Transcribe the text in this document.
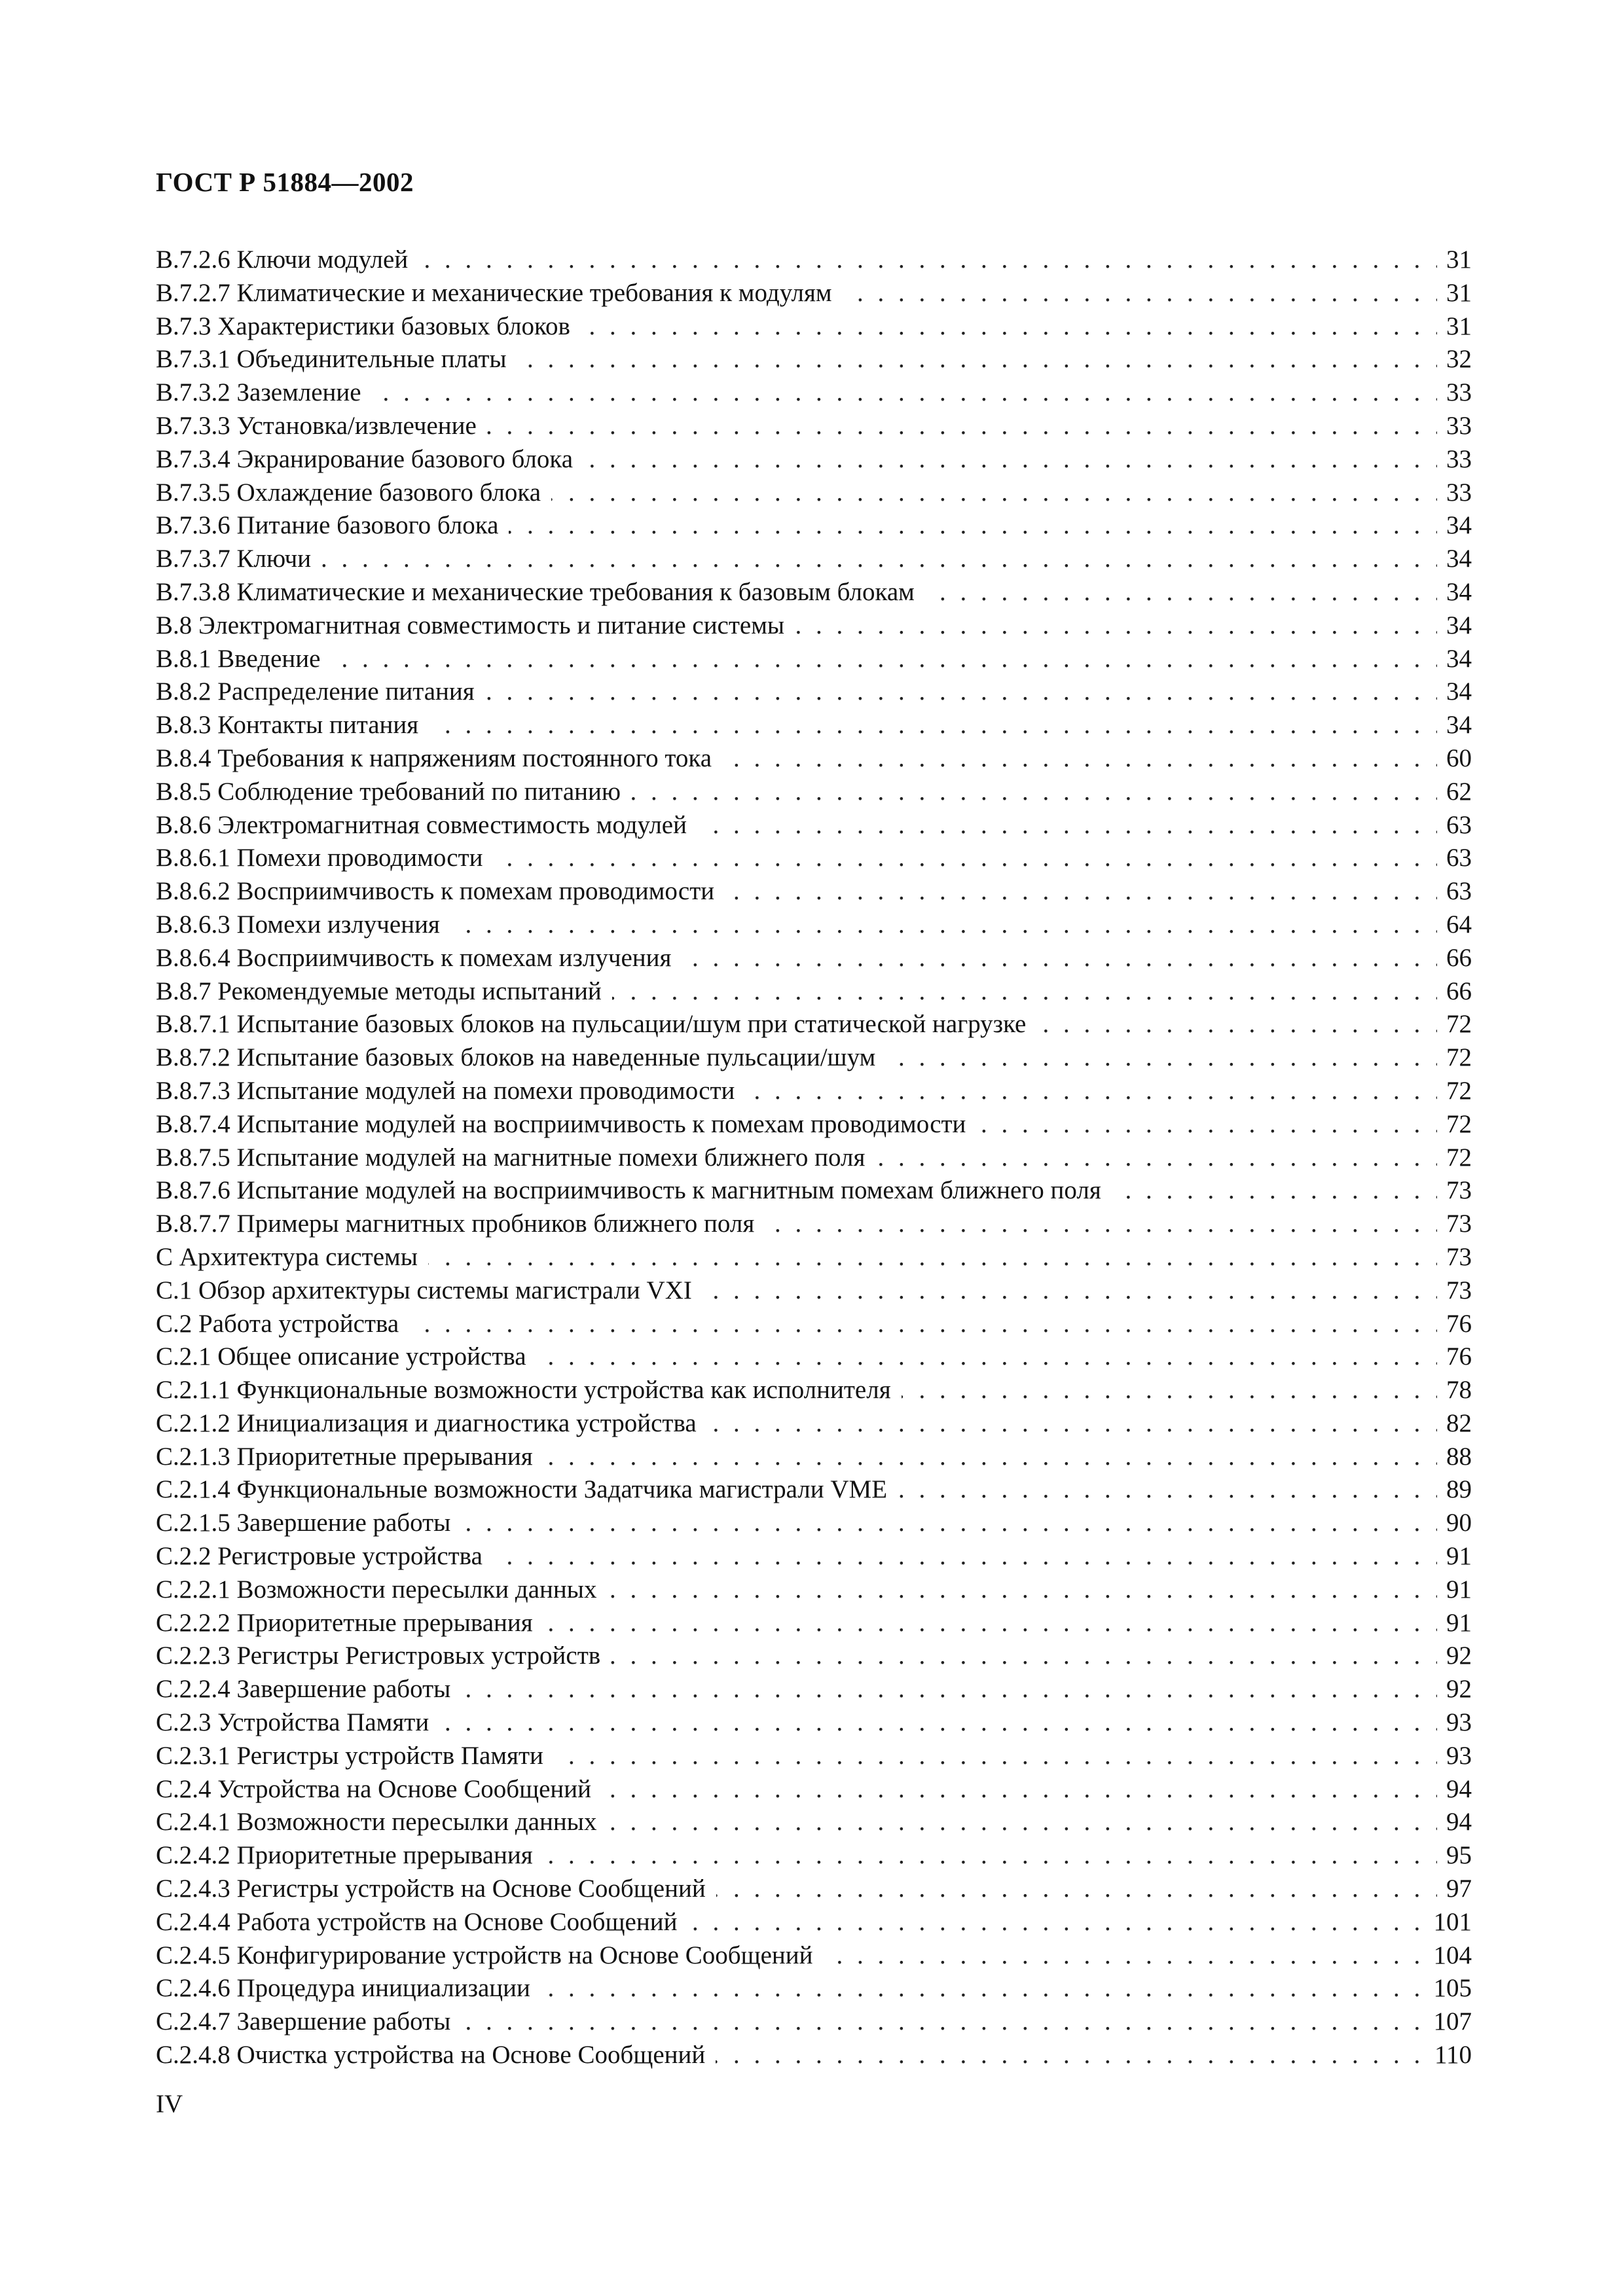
ГОСТ Р 51884—2002
B.7.2.6 Ключи модулей	31
. .
B.7.2.7 Климатические и механические требования к модулям	31
. .
B.7.3 Характеристики базовых блоков	31
. .
B.7.3.1 Объединительные платы	32
. .
B.7.3.2 Заземление	33
. .
B.7.3.3 Установка/извлечение	33
. .
B.7.3.4 Экранирование базового блока	33
. .
B.7.3.5 Охлаждение базового блока	33
. .
B.7.3.6 Питание базового блока	34
. .
B.7.3.7 Ключи	34
. .
B.7.3.8 Климатические и механические требования к базовым блокам	34
. .
B.8 Электромагнитная совместимость и питание системы	34
. .
B.8.1 Введение	34
. .
B.8.2 Распределение питания	34
. .
B.8.3 Контакты питания	34
. .
B.8.4 Требования к напряжениям постоянного тока	60
. .
B.8.5 Соблюдение требований по питанию	62
. .
B.8.6 Электромагнитная совместимость модулей	63
. .
B.8.6.1 Помехи проводимости	63
. .
B.8.6.2 Восприимчивость к помехам проводимости	63
. .
B.8.6.3 Помехи излучения	64
. .
B.8.6.4 Восприимчивость к помехам излучения	66
. .
B.8.7 Рекомендуемые методы испытаний	66
. .
B.8.7.1 Испытание базовых блоков на пульсации/шум при статической нагрузке	72
. .
B.8.7.2 Испытание базовых блоков на наведенные пульсации/шум	72
. .
B.8.7.3 Испытание модулей на помехи проводимости	72
. .
B.8.7.4 Испытание модулей на восприимчивость к помехам проводимости	72
. .
B.8.7.5 Испытание модулей на магнитные помехи ближнего поля	72
. .
B.8.7.6 Испытание модулей на восприимчивость к магнитным помехам ближнего поля	73
. .
B.8.7.7 Примеры магнитных пробников ближнего поля	73
. .
С Архитектура системы	73
. .
С.1 Обзор архитектуры системы магистрали VXI	73
. .
С.2 Работа устройства	76
. .
С.2.1 Общее описание устройства	76
. .
С.2.1.1 Функциональные возможности устройства как исполнителя	78
. .
С.2.1.2 Инициализация и диагностика устройства	82
. .
С.2.1.3 Приоритетные прерывания	88
. .
С.2.1.4 Функциональные возможности Задатчика магистрали VME	89
. .
С.2.1.5 Завершение работы	90
. .
С.2.2 Регистровые устройства	91
. .
С.2.2.1 Возможности пересылки данных	91
. .
С.2.2.2 Приоритетные прерывания	91
. .
С.2.2.3 Регистры Регистровых устройств	92
. .
С.2.2.4 Завершение работы	92
. .
С.2.3 Устройства Памяти	93
. .
С.2.3.1 Регистры устройств Памяти	93
. .
С.2.4 Устройства на Основе Сообщений	94
. .
С.2.4.1 Возможности пересылки данных	94
. .
С.2.4.2 Приоритетные прерывания	95
. .
С.2.4.3 Регистры устройств на Основе Сообщений	97
. .
С.2.4.4 Работа устройств на Основе Сообщений	101
. .
С.2.4.5 Конфигурирование устройств на Основе Сообщений	104
. .
С.2.4.6 Процедура инициализации	105
. .
С.2.4.7 Завершение работы	107
. .
С.2.4.8 Очистка устройства на Основе Сообщений	110
. .
IV
